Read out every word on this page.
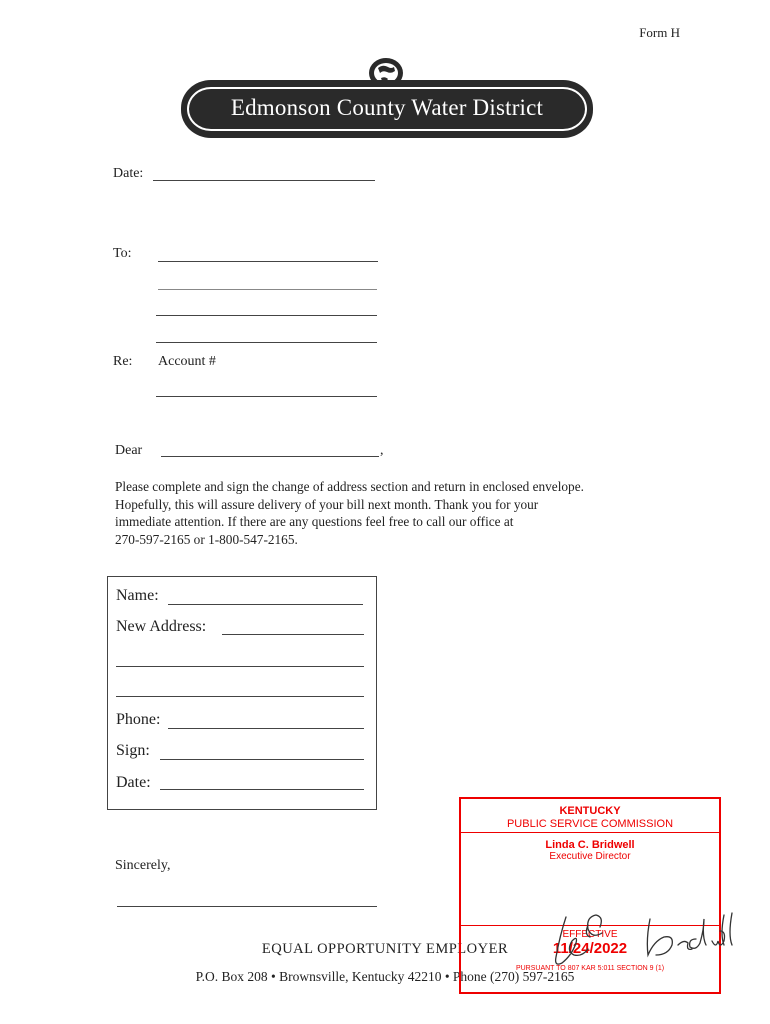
Form H
Edmonson County Water District
Date:
To:
Re: Account #
Dear	,
Please complete and sign the change of address section and return in enclosed envelope.
Hopefully, this will assure delivery of your bill next month. Thank you for your
immediate attention. If there are any questions feel free to call our office at
270-597-2165 or 1-800-547-2165.
Name:
New Address:
Phone:
Sign:
Date:
Sincerely,
EQUAL OPPORTUNITY EMPLOYER
P.O. Box 208 • Brownsville, Kentucky 42210 • Phone (270) 597-2165
KENTUCKY
PUBLIC SERVICE COMMISSION
Linda C. Bridwell
Executive Director
EFFECTIVE
11/24/2022
PURSUANT TO 807 KAR 5:011 SECTION 9 (1)
